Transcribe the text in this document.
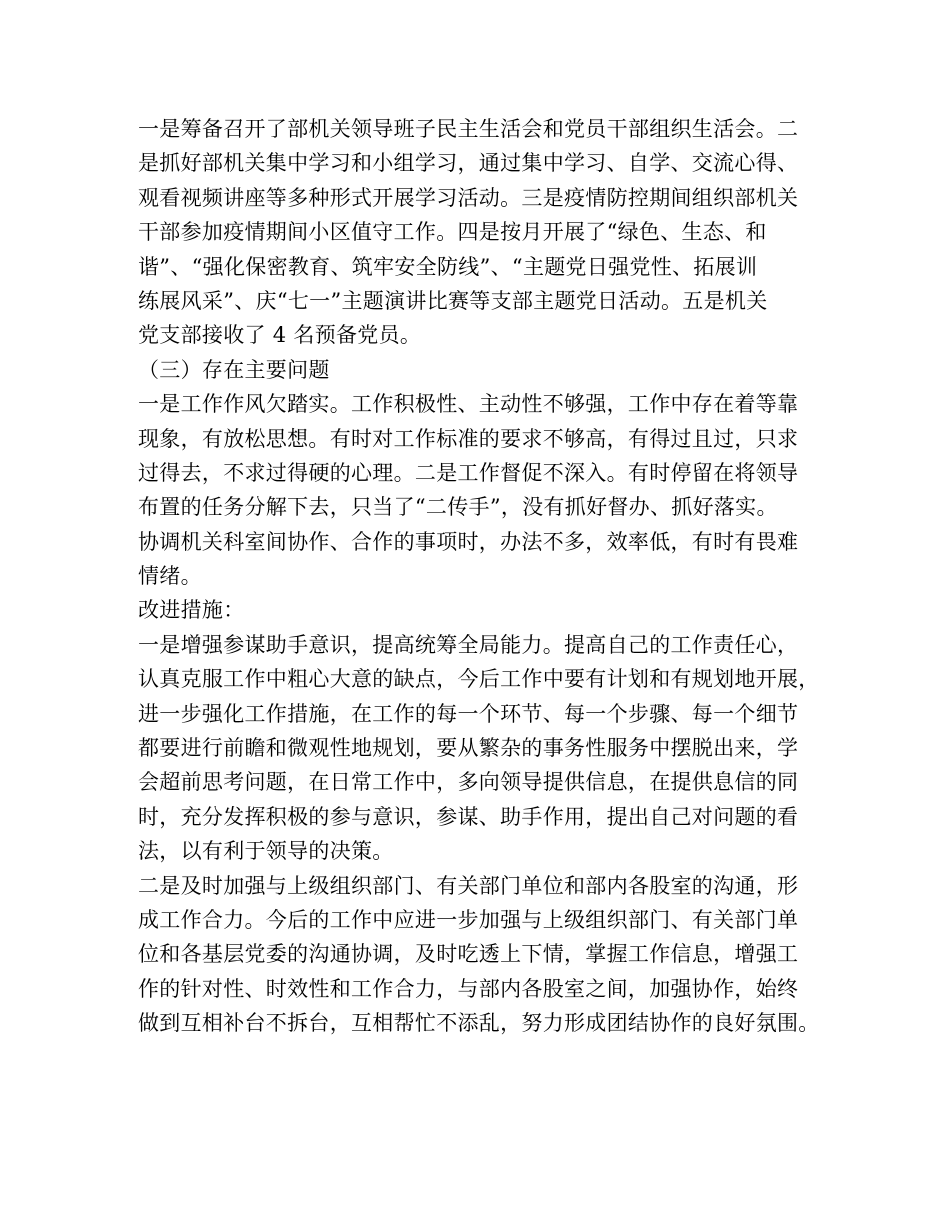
一是筹备召开了部机关领导班子民主生活会和党员干部组织生活会。二
是抓好部机关集中学习和小组学习，通过集中学习、自学、交流心得、
观看视频讲座等多种形式开展学习活动。三是疫情防控期间组织部机关
干部参加疫情期间小区值守工作。四是按月开展了“绿色、生态、和
谐”、“强化保密教育、筑牢安全防线”、“主题党日强党性、拓展训
练展风采”、庆“七一”主题演讲比赛等支部主题党日活动。五是机关
党支部接收了 4 名预备党员。
（三）存在主要问题
一是工作作风欠踏实。工作积极性、主动性不够强，工作中存在着等靠
现象，有放松思想。有时对工作标准的要求不够高，有得过且过，只求
过得去，不求过得硬的心理。二是工作督促不深入。有时停留在将领导
布置的任务分解下去，只当了“二传手”，没有抓好督办、抓好落实。
协调机关科室间协作、合作的事项时，办法不多，效率低，有时有畏难
情绪。
改进措施：
一是增强参谋助手意识，提高统筹全局能力。提高自己的工作责任心，
认真克服工作中粗心大意的缺点，今后工作中要有计划和有规划地开展，
进一步强化工作措施，在工作的每一个环节、每一个步骤、每一个细节
都要进行前瞻和微观性地规划，要从繁杂的事务性服务中摆脱出来，学
会超前思考问题，在日常工作中，多向领导提供信息，在提供息信的同
时，充分发挥积极的参与意识，参谋、助手作用，提出自己对问题的看
法，以有利于领导的决策。
二是及时加强与上级组织部门、有关部门单位和部内各股室的沟通，形
成工作合力。今后的工作中应进一步加强与上级组织部门、有关部门单
位和各基层党委的沟通协调，及时吃透上下情，掌握工作信息，增强工
作的针对性、时效性和工作合力，与部内各股室之间，加强协作，始终
做到互相补台不拆台，互相帮忙不添乱，努力形成团结协作的良好氛围。
